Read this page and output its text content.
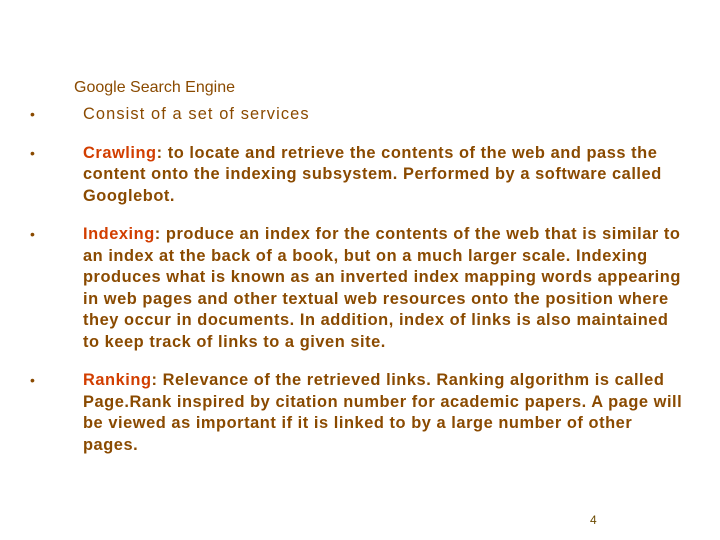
Google Search Engine
•	Consist of a set of services
•	Crawling: to locate and retrieve the contents of the web and pass the content onto the indexing subsystem. Performed by a software called Googlebot.
•	Indexing: produce an index for the contents of the web that is similar to an index at the back of a book, but on a much larger scale. Indexing produces what is known as an inverted index mapping words appearing in web pages and other textual web resources onto the position where they occur in documents. In addition, index of links is also maintained to keep track of links to a given site.
•	Ranking: Relevance of the retrieved links. Ranking algorithm is called Page.Rank inspired by citation number for academic papers. A page will be viewed as important if it is linked to by a large number of other pages.
4
